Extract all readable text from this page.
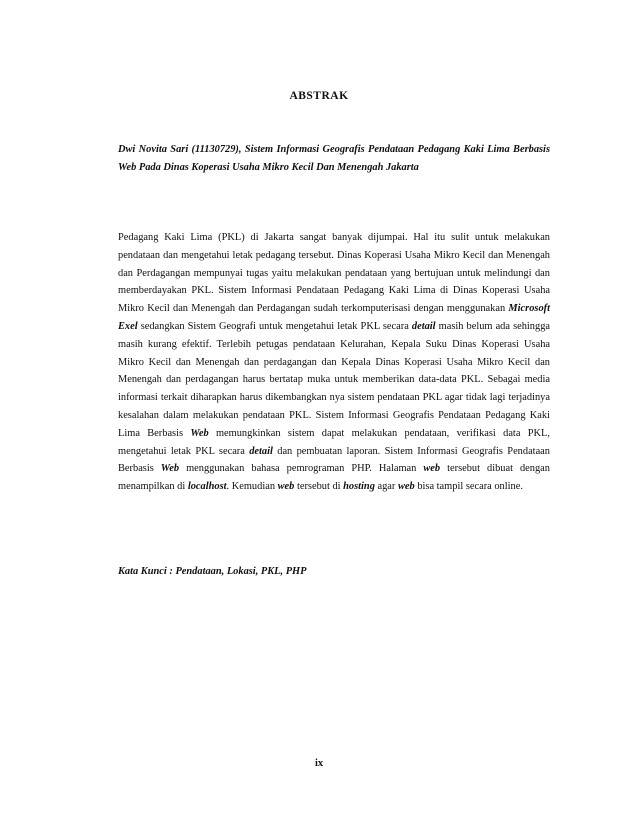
ABSTRAK
Dwi Novita Sari (11130729), Sistem Informasi Geografis Pendataan Pedagang Kaki Lima Berbasis Web Pada Dinas Koperasi Usaha Mikro Kecil Dan Menengah Jakarta
Pedagang Kaki Lima (PKL) di Jakarta sangat banyak dijumpai. Hal itu sulit untuk melakukan pendataan dan mengetahui letak pedagang tersebut. Dinas Koperasi Usaha Mikro Kecil dan Menengah dan Perdagangan mempunyai tugas yaitu melakukan pendataan yang bertujuan untuk melindungi dan memberdayakan PKL. Sistem Informasi Pendataan Pedagang Kaki Lima di Dinas Koperasi Usaha Mikro Kecil dan Menengah dan Perdagangan sudah terkomputerisasi dengan menggunakan Microsoft Exel sedangkan Sistem Geografi untuk mengetahui letak PKL secara detail masih belum ada sehingga masih kurang efektif. Terlebih petugas pendataan Kelurahan, Kepala Suku Dinas Koperasi Usaha Mikro Kecil dan Menengah dan perdagangan dan Kepala Dinas Koperasi Usaha Mikro Kecil dan Menengah dan perdagangan harus bertatap muka untuk memberikan data-data PKL. Sebagai media informasi terkait diharapkan harus dikembangkan nya sistem pendataan PKL agar tidak lagi terjadinya kesalahan dalam melakukan pendataan PKL. Sistem Informasi Geografis Pendataan Pedagang Kaki Lima Berbasis Web memungkinkan sistem dapat melakukan pendataan, verifikasi data PKL, mengetahui letak PKL secara detail dan pembuatan laporan. Sistem Informasi Geografis Pendataan Berbasis Web menggunakan bahasa pemrograman PHP. Halaman web tersebut dibuat dengan menampilkan di localhost. Kemudian web tersebut di hosting agar web bisa tampil secara online.
Kata Kunci : Pendataan, Lokasi, PKL, PHP
ix
